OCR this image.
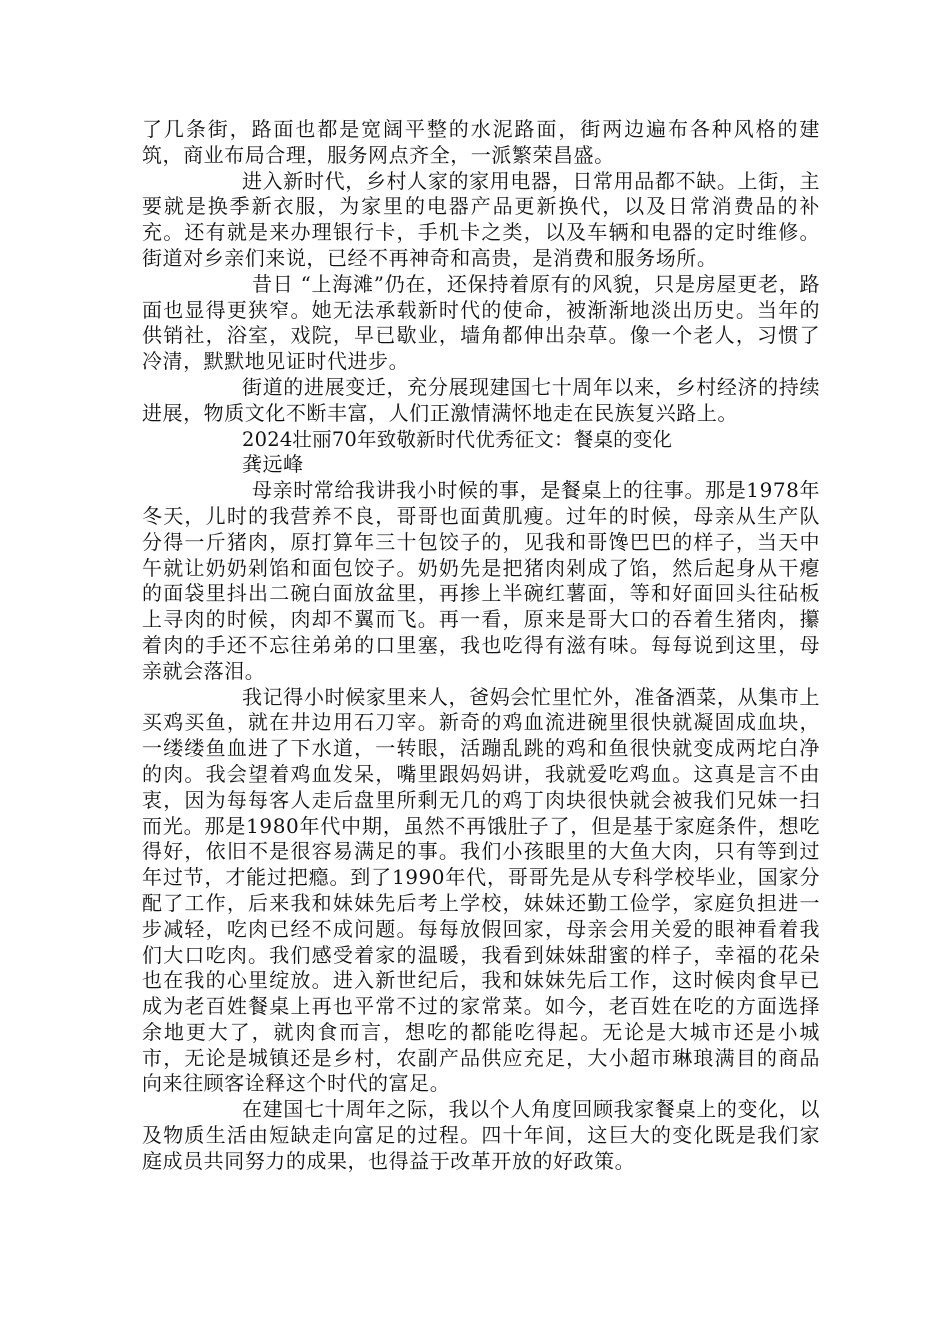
了几条街，路面也都是宽阔平整的水泥路面，街两边遍布各种风格的建筑，商业布局合理，服务网点齐全，一派繁荣昌盛。

进入新时代，乡村人家的家用电器，日常用品都不缺。上街，主要就是换季新衣服，为家里的电器产品更新换代，以及日常消费品的补充。还有就是来办理银行卡，手机卡之类，以及车辆和电器的定时维修。街道对乡亲们来说，已经不再神奇和高贵，是消费和服务场所。

昔日 “上海滩”仍在，还保持着原有的风貌，只是房屋更老，路面也显得更狭窄。她无法承载新时代的使命，被渐渐地淡出历史。当年的供销社，浴室，戏院，早已歇业，墙角都伸出杂草。像一个老人，习惯了冷清，默默地见证时代进步。

街道的进展变迁，充分展现建国七十周年以来，乡村经济的持续进展，物质文化不断丰富，人们正激情满怀地走在民族复兴路上。

2024壮丽70年致敬新时代优秀征文：餐桌的变化

龚远峰

母亲时常给我讲我小时候的事，是餐桌上的往事。那是1978年冬天，儿时的我营养不良，哥哥也面黄肌瘦。过年的时候，母亲从生产队分得一斤猪肉，原打算年三十包饺子的，见我和哥馋巴巴的样子，当天中午就让奶奶剁馅和面包饺子。奶奶先是把猪肉剁成了馅，然后起身从干瘪的面袋里抖出二碗白面放盆里，再掺上半碗红薯面，等和好面回头往砧板上寻肉的时候，肉却不翼而飞。再一看，原来是哥大口的吞着生猪肉，攥着肉的手还不忘往弟弟的口里塞，我也吃得有滋有味。每每说到这里，母亲就会落泪。

我记得小时候家里来人，爸妈会忙里忙外，准备酒菜，从集市上买鸡买鱼，就在井边用石刀宰。新奇的鸡血流进碗里很快就凝固成血块，一缕缕鱼血进了下水道，一转眼，活蹦乱跳的鸡和鱼很快就变成两坨白净的肉。我会望着鸡血发呆，嘴里跟妈妈讲，我就爱吃鸡血。这真是言不由衷，因为每每客人走后盘里所剩无几的鸡丁肉块很快就会被我们兄妹一扫而光。那是1980年代中期，虽然不再饿肚子了，但是基于家庭条件，想吃得好，依旧不是很容易满足的事。我们小孩眼里的大鱼大肉，只有等到过年过节，才能过把瘾。到了1990年代，哥哥先是从专科学校毕业，国家分配了工作，后来我和妹妹先后考上学校，妹妹还勤工俭学，家庭负担进一步减轻，吃肉已经不成问题。每每放假回家，母亲会用关爱的眼神看着我们大口吃肉。我们感受着家的温暖，我看到妹妹甜蜜的样子，幸福的花朵也在我的心里绽放。进入新世纪后，我和妹妹先后工作，这时候肉食早已成为老百姓餐桌上再也平常不过的家常菜。如今，老百姓在吃的方面选择余地更大了，就肉食而言，想吃的都能吃得起。无论是大城市还是小城市，无论是城镇还是乡村，农副产品供应充足，大小超市琳琅满目的商品向来往顾客诠释这个时代的富足。

在建国七十周年之际，我以个人角度回顾我家餐桌上的变化，以及物质生活由短缺走向富足的过程。四十年间，这巨大的变化既是我们家庭成员共同努力的成果，也得益于改革开放的好政策。
